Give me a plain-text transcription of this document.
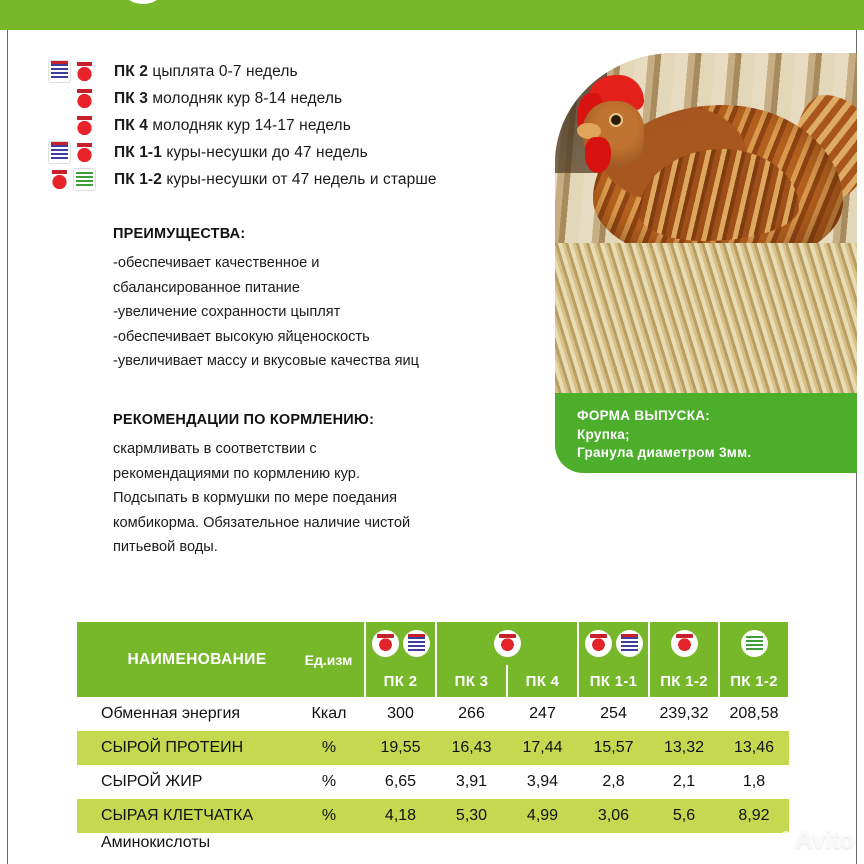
ПК 2 цыплята 0-7 недель
ПК 3 молодняк кур 8-14 недель
ПК 4 молодняк кур 14-17 недель
ПК 1-1 куры-несушки до 47 недель
ПК 1-2 куры-несушки от 47 недель и старше
ПРЕИМУЩЕСТВА:

-обеспечивает качественное и

сбалансированное питание

-увеличение сохранности цыплят

-обеспечивает высокую яйценоскость

-увеличивает массу и вкусовые качества яиц

РЕКОМЕНДАЦИИ ПО КОРМЛЕНИЮ:

скармливать в соответствии с

рекомендациями по кормлению кур.

Подсыпать в кормушки по мере поедания

комбикорма. Обязательное наличие чистой

питьевой воды.

ФОРМА ВЫПУСКА:
Крупка;
Гранула диаметром 3мм.
НАИМЕНОВАНИЕ	Ед.изм						
		ПК 2	ПК 3	ПК 4	ПК 1-1	ПК 1-2	ПК 1-2
Обменная энергия	Ккал	300	266	247	254	239,32	208,58
СЫРОЙ ПРОТЕИН	%	19,55	16,43	17,44	15,57	13,32	13,46
СЫРОЙ ЖИР	%	6,65	3,91	3,94	2,8	2,1	1,8
СЫРАЯ КЛЕТЧАТКА	%	4,18	5,30	4,99	3,06	5,6	8,92
Аминокислоты								Avito
